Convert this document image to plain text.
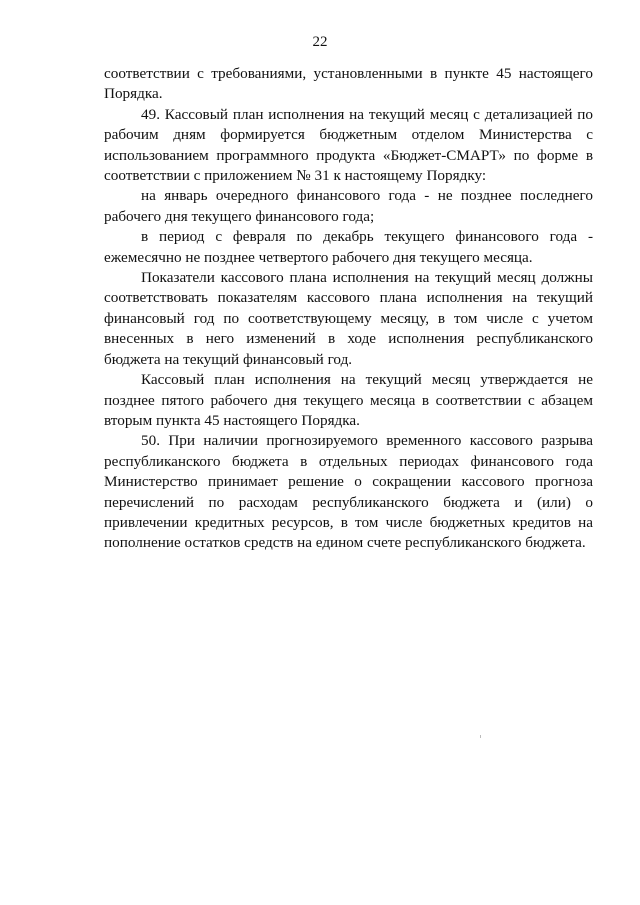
22

соответствии с требованиями, установленными в пункте 45 настоящего Порядка.

49. Кассовый план исполнения на текущий месяц с детализацией по рабочим дням формируется бюджетным отделом Министерства с использованием программного продукта «Бюджет-СМАРТ» по форме в соответствии с приложением № 31 к настоящему Порядку:

на январь очередного финансового года - не позднее последнего рабочего дня текущего финансового года;

в период с февраля по декабрь текущего финансового года - ежемесячно не позднее четвертого рабочего дня текущего месяца.

Показатели кассового плана исполнения на текущий месяц должны соответствовать показателям кассового плана исполнения на текущий финансовый год по соответствующему месяцу, в том числе с учетом внесенных в него изменений в ходе исполнения республиканского бюджета на текущий финансовый год.

Кассовый план исполнения на текущий месяц утверждается не позднее пятого рабочего дня текущего месяца в соответствии с абзацем вторым пункта 45 настоящего Порядка.

50. При наличии прогнозируемого временного кассового разрыва республиканского бюджета в отдельных периодах финансового года Министерство принимает решение о сокращении кассового прогноза перечислений по расходам республиканского бюджета и (или) о привлечении кредитных ресурсов, в том числе бюджетных кредитов на пополнение остатков средств на едином счете республиканского бюджета.
